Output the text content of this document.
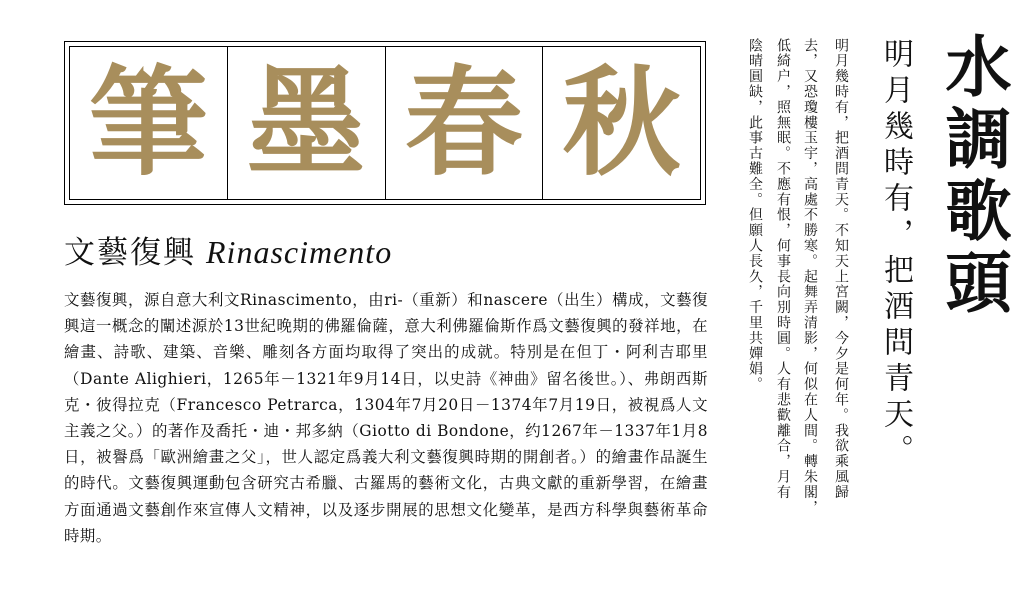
筆 墨 春 秋
文藝復興 Rinascimento
文藝復興，源自意大利文Rinascimento，由ri-（重新）和nascere（出生）構成，文藝復興這一概念的闡述源於13世紀晚期的佛羅倫薩，意大利佛羅倫斯作爲文藝復興的發祥地，在繪畫、詩歌、建築、音樂、雕刻各方面均取得了突出的成就。特別是在但丁・阿利吉耶里（Dante Alighieri，1265年－1321年9月14日，以史詩《神曲》留名後世。）、弗朗西斯克・彼得拉克（Francesco Petrarca，1304年7月20日－1374年7月19日，被視爲人文主義之父。）的著作及喬托・迪・邦多納（Giotto di Bondone，约1267年－1337年1月8日，被譽爲「歐洲繪畫之父」，世人認定爲義大利文藝復興時期的開創者。）的繪畫作品誕生的時代。文藝復興運動包含研究古希臘、古羅馬的藝術文化，古典文獻的重新學習，在繪畫方面通過文藝創作來宣傳人文精神，以及逐步開展的思想文化變革，是西方科學與藝術革命時期。
水調歌頭
明月幾時有，把酒問青天。
明月幾時有，把酒問青天。不知天上宮闕，今夕是何年。我欲乘風歸
去，又恐瓊樓玉宇，高處不勝寒。起舞弄清影，何似在人間。轉朱閣，
低綺户，照無眠。不應有恨，何事長向別時圓。人有悲歡離合，月有
陰晴圓缺，此事古難全。但願人長久，千里共嬋娟。
